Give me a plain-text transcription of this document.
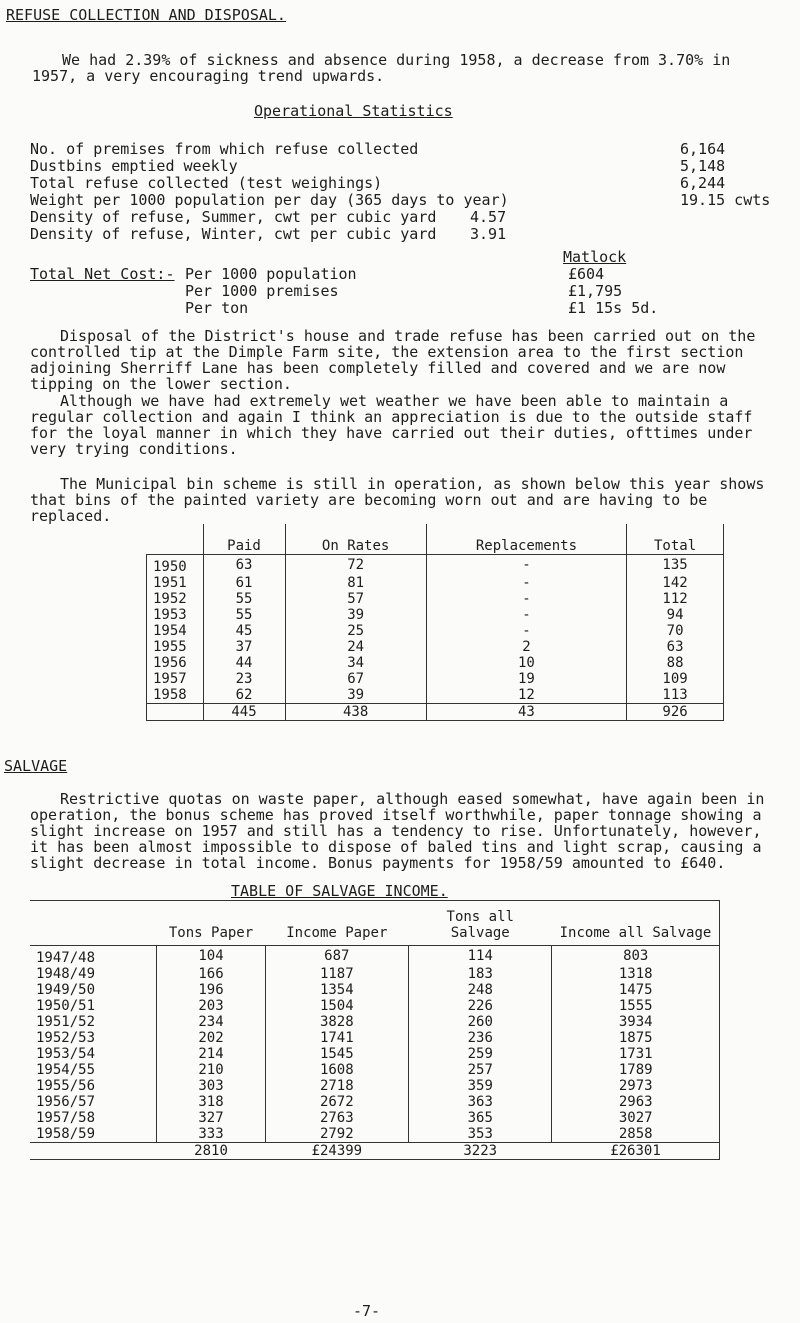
REFUSE COLLECTION AND DISPOSAL.
We had 2.39% of sickness and absence during 1958, a decrease from 3.70% in 1957, a very encouraging trend upwards.
Operational Statistics
No. of premises from which refuse collected	6,164
Dustbins emptied weekly	5,148
Total refuse collected (test weighings)	6,244
Weight per 1000 population per day (365 days to year)	19.15 cwts
Density of refuse, Summer, cwt per cubic yard 4.57
Density of refuse, Winter, cwt per cubic yard 3.91
Total Net Cost:-
Matlock
Per 1000 population	£604
Per 1000 premises	£1,795
Per ton	£1 15s 5d.
Disposal of the District's house and trade refuse has been carried out on the controlled tip at the Dimple Farm site, the extension area to the first section adjoining Sherriff Lane has been completely filled and covered and we are now tipping on the lower section.
Although we have had extremely wet weather we have been able to maintain a regular collection and again I think an appreciation is due to the outside staff for the loyal manner in which they have carried out their duties, ofttimes under very trying conditions.
The Municipal bin scheme is still in operation, as shown below this year shows that bins of the painted variety are becoming worn out and are having to be replaced.
	Paid	On Rates	Replacements	Total
1950	63	72	-	135
1951	61	81	-	142
1952	55	57	-	112
1953	55	39	-	94
1954	45	25	-	70
1955	37	24	2	63
1956	44	34	10	88
1957	23	67	19	109
1958	62	39	12	113
	445	438	43	926
SALVAGE
Restrictive quotas on waste paper, although eased somewhat, have again been in operation, the bonus scheme has proved itself worthwhile, paper tonnage showing a slight increase on 1957 and still has a tendency to rise. Unfortunately, however, it has been almost impossible to dispose of baled tins and light scrap, causing a slight decrease in total income. Bonus payments for 1958/59 amounted to £640.
TABLE OF SALVAGE INCOME.
	Tons Paper	Income Paper	Tons all Salvage	Income all Salvage
1947/48	104	687	114	803
1948/49	166	1187	183	1318
1949/50	196	1354	248	1475
1950/51	203	1504	226	1555
1951/52	234	3828	260	3934
1952/53	202	1741	236	1875
1953/54	214	1545	259	1731
1954/55	210	1608	257	1789
1955/56	303	2718	359	2973
1956/57	318	2672	363	2963
1957/58	327	2763	365	3027
1958/59	333	2792	353	2858
	2810	£24399	3223	£26301
-7-
